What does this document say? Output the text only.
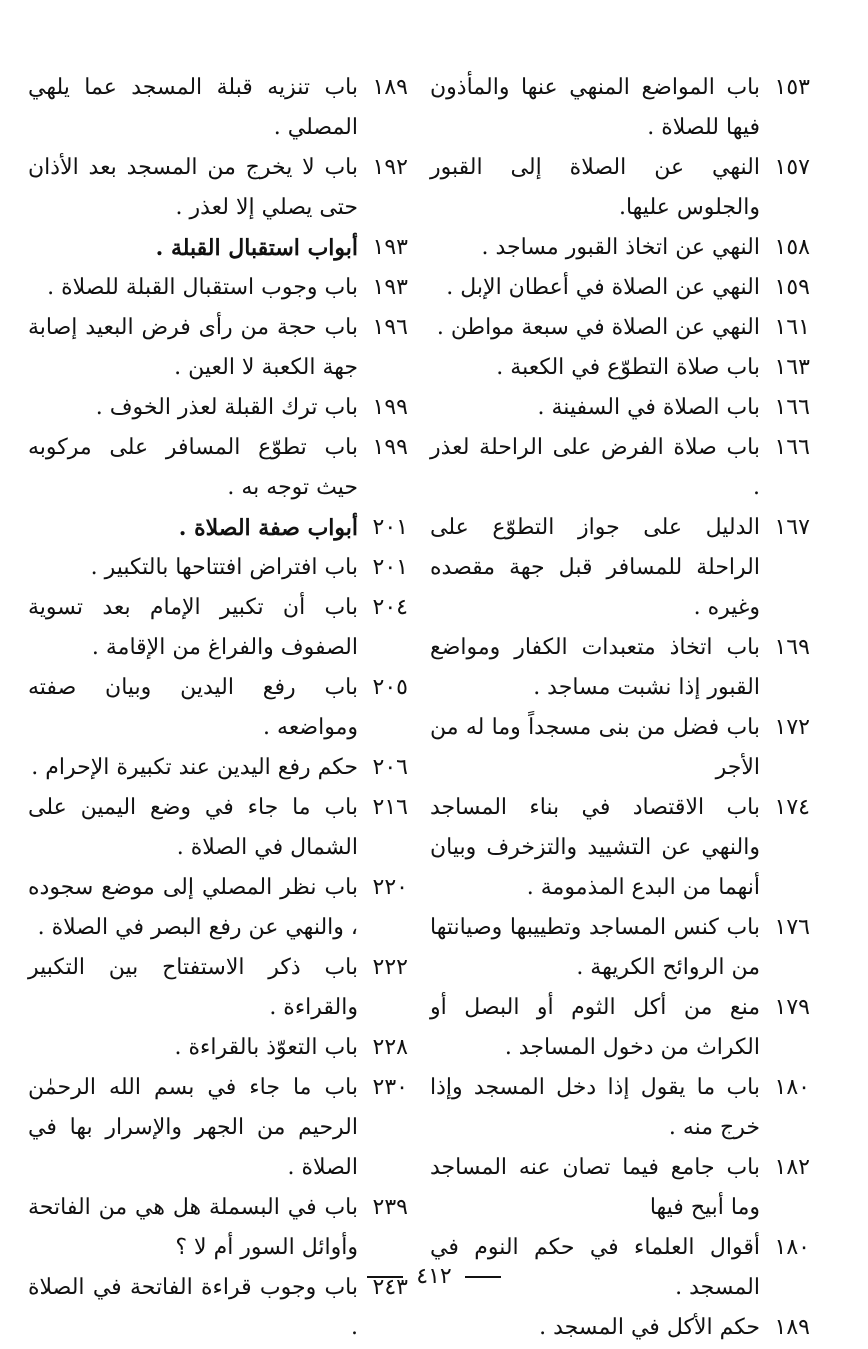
١٥٣
باب المواضع المنهي عنها والمأذون فيها للصلاة .
١٥٧
النهي عن الصلاة إلى القبور والجلوس عليها.
١٥٨
النهي عن اتخاذ القبور مساجد .
١٥٩
النهي عن الصلاة في أعطان الإبل .
١٦١
النهي عن الصلاة في سبعة مواطن .
١٦٣
باب صلاة التطوّع في الكعبة .
١٦٦
باب الصلاة في السفينة .
١٦٦
باب صلاة الفرض على الراحلة لعذر .
١٦٧
الدليل على جواز التطوّع على الراحلة للمسافر قبل جهة مقصده وغيره .
١٦٩
باب اتخاذ متعبدات الكفار ومواضع القبور إذا نشبت مساجد .
١٧٢
باب فضل من بنى مسجداً وما له من الأجر
١٧٤
باب الاقتصاد في بناء المساجد والنهي عن التشييد والتزخرف وبيان أنهما من البدع المذمومة .
١٧٦
باب كنس المساجد وتطييبها وصيانتها من الروائح الكريهة .
١٧٩
منع من أكل الثوم أو البصل أو الكراث من دخول المساجد .
١٨٠
باب ما يقول إذا دخل المسجد وإذا خرج منه .
١٨٢
باب جامع فيما تصان عنه المساجد وما أبيح فيها
١٨٠
أقوال العلماء في حكم النوم في المسجد .
١٨٩
حكم الأكل في المسجد .
١٨٩
باب تنزيه قبلة المسجد عما يلهي المصلي .
١٩٢
باب لا يخرج من المسجد بعد الأذان حتى يصلي إلا لعذر .
١٩٣
أبواب استقبال القبلة .
١٩٣
باب وجوب استقبال القبلة للصلاة .
١٩٦
باب حجة من رأى فرض البعيد إصابة جهة الكعبة لا العين .
١٩٩
باب ترك القبلة لعذر الخوف .
١٩٩
باب تطوّع المسافر على مركوبه حيث توجه به .
٢٠١
أبواب صفة الصلاة .
٢٠١
باب افتراض افتتاحها بالتكبير .
٢٠٤
باب أن تكبير الإمام بعد تسوية الصفوف والفراغ من الإقامة .
٢٠٥
باب رفع اليدين وبيان صفته ومواضعه .
٢٠٦
حكم رفع اليدين عند تكبيرة الإحرام .
٢١٦
باب ما جاء في وضع اليمين على الشمال في الصلاة .
٢٢٠
باب نظر المصلي إلى موضع سجوده ، والنهي عن رفع البصر في الصلاة .
٢٢٢
باب ذكر الاستفتاح بين التكبير والقراءة .
٢٢٨
باب التعوّذ بالقراءة .
٢٣٠
باب ما جاء في بسم الله الرحمٰن الرحيم من الجهر والإسرار بها في الصلاة .
٢٣٩
باب في البسملة هل هي من الفاتحة وأوائل السور أم لا ؟
٢٤٣
باب وجوب قراءة الفاتحة في الصلاة .
٤١٢
